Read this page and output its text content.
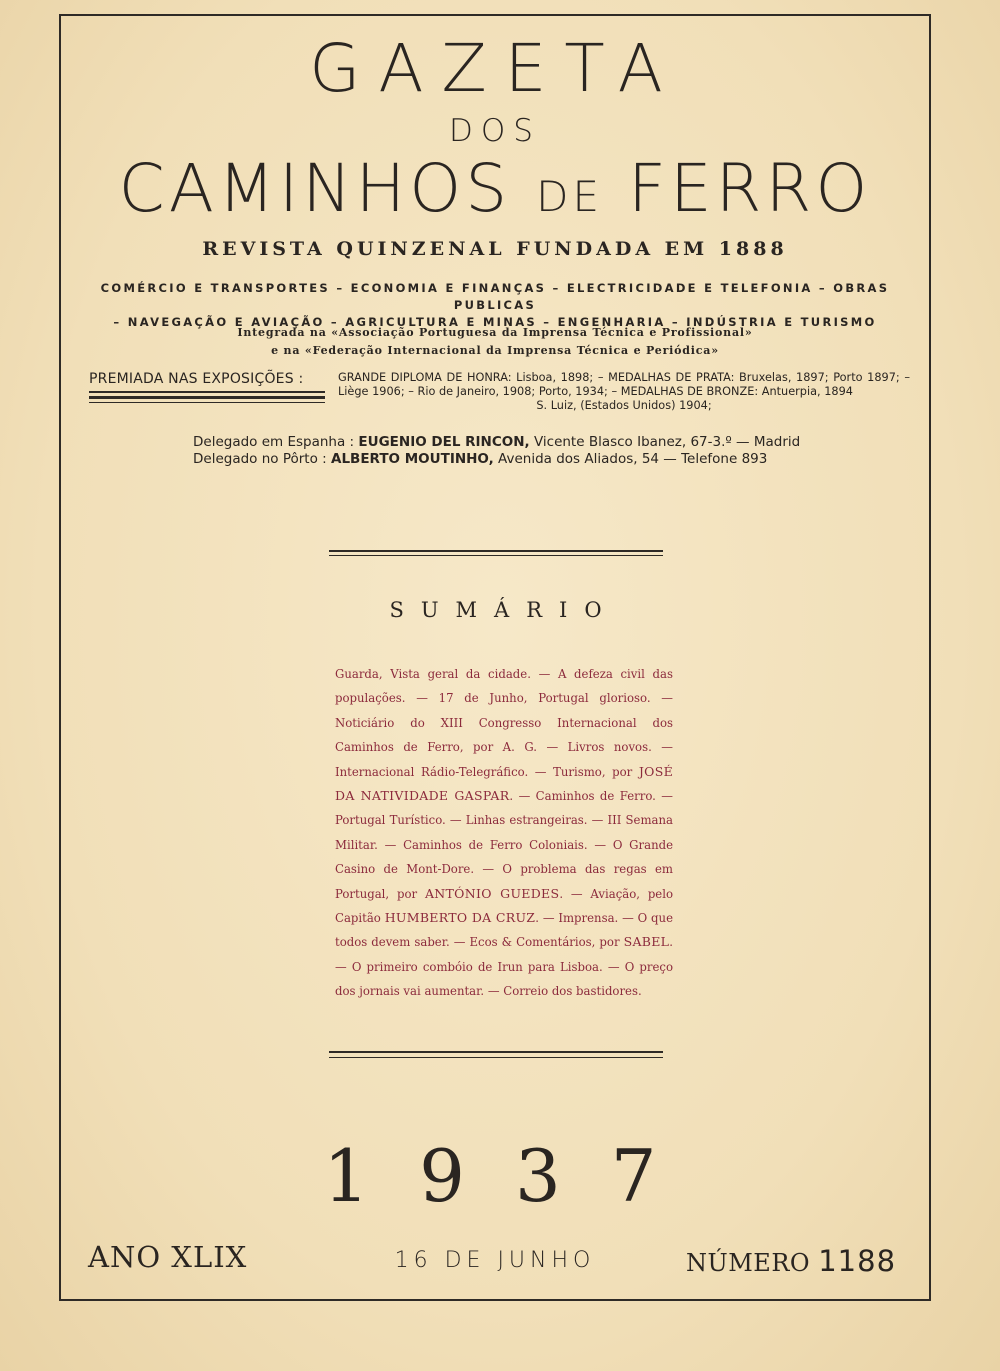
GAZETA
DOS
CAMINHOS DE FERRO
REVISTA QUINZENAL FUNDADA EM 1888
COMÉRCIO E TRANSPORTES – ECONOMIA E FINANÇAS – ELECTRICIDADE E TELEFONIA – OBRAS PUBLICAS
– NAVEGAÇÃO E AVIAÇÃO – AGRICULTURA E MINAS – ENGENHARIA – INDÚSTRIA E TURISMO
Integrada na «Associação Portuguesa da Imprensa Técnica e Profissional»
e na «Federação Internacional da Imprensa Técnica e Periódica»
PREMIADA NAS EXPOSIÇÕES :	GRANDE DIPLOMA DE HONRA: Lisboa, 1898; – MEDALHAS DE PRATA: Bruxelas, 1897; Porto 1897; – Liège 1906; – Rio de Janeiro, 1908; Porto, 1934; – MEDALHAS DE BRONZE: Antuerpia, 1894
S. Luiz, (Estados Unidos) 1904;
Delegado em Espanha : EUGENIO DEL RINCON, Vicente Blasco Ibanez, 67-3.º — Madrid
Delegado no Pôrto : ALBERTO MOUTINHO, Avenida dos Aliados, 54 — Telefone 893
SUMÁRIO
Guarda, Vista geral da cidade. — A defeza civil das populações. — 17 de Junho, Portugal glorioso. — Noticiário do XIII Congresso Internacional dos Caminhos de Ferro, por A. G. — Livros novos. — Internacional Rádio-Telegráfico. — Turismo, por JOSÉ DA NATIVIDADE GASPAR. — Caminhos de Ferro. — Portugal Turístico. — Linhas estrangeiras. — III Semana Militar. — Caminhos de Ferro Coloniais. — O Grande Casino de Mont-Dore. — O problema das regas em Portugal, por ANTÓNIO GUEDES. — Aviação, pelo Capitão HUMBERTO DA CRUZ. — Imprensa. — O que todos devem saber. — Ecos & Comentários, por SABEL. — O primeiro combóio de Irun para Lisboa. — O preço dos jornais vai aumentar. — Correio dos bastidores.
1937
ANO XLIX	16 DE JUNHO	NÚMERO 1188
